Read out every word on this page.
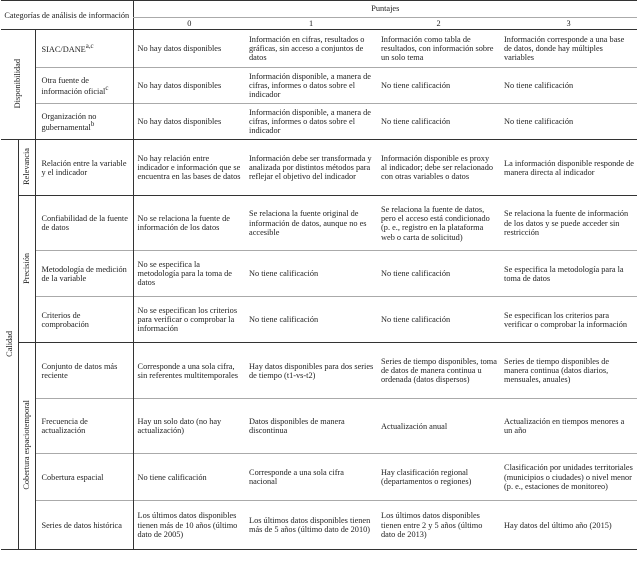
Categorías de análisis de información			Puntajes			
			0	1	2	3
Disponibilidad		SIAC/DANE$^{a,c}$	No hay datos disponibles	Información en cifras, resultados o gráficas, sin acceso a conjuntos de datos	Información como tabla de resultados, con información sobre un solo tema	Información corresponde a una base de datos, donde hay múltiples variables
		Otra fuente de información oficial$^c$	No hay datos disponibles	Información disponible, a manera de cifras, informes o datos sobre el indicador	No tiene calificación	No tiene calificación
		Organización no gubernamental$^b$	No hay datos disponibles	Información disponible, a manera de cifras, informes o datos sobre el indicador	No tiene calificación	No tiene calificación
Calidad	Relevancia	Relación entre la variable y el indicador	No hay relación entre indicador e información que se encuentra en las bases de datos	Información debe ser transformada y analizada por distintos métodos para reflejar el objetivo del indicador	Información disponible es proxy al indicador; debe ser relacionado con otras variables o datos	La información disponible responde de manera directa al indicador
	Precisión	Confiabilidad de la fuente de datos	No se relaciona la fuente de información de los datos	Se relaciona la fuente original de información de datos, aunque no es accesible	Se relaciona la fuente de datos, pero el acceso está condicionado (p. e., registro en la plataforma web o carta de solicitud)	Se relaciona la fuente de información de los datos y se puede acceder sin restricción
		Metodología de medición de la variable	No se especifica la metodología para la toma de datos	No tiene calificación	No tiene calificación	Se especifica la metodología para la toma de datos
		Criterios de comprobación	No se especifican los criterios para verificar o comprobar la información	No tiene calificación	No tiene calificación	Se especifican los criterios para verificar o comprobar la información
	Cobertura espaciotemporal	Conjunto de datos más reciente	Corresponde a una sola cifra, sin referentes multitemporales	Hay datos disponibles para dos series de tiempo (t1-vs-t2)	Series de tiempo disponibles, toma de datos de manera continua u ordenada (datos dispersos)	Series de tiempo disponibles de manera continua (datos diarios, mensuales, anuales)
		Frecuencia de actualización	Hay un solo dato (no hay actualización)	Datos disponibles de manera discontinua	Actualización anual	Actualización en tiempos menores a un año
		Cobertura espacial	No tiene calificación	Corresponde a una sola cifra nacional	Hay clasificación regional (departamentos o regiones)	Clasificación por unidades territoriales (municipios o ciudades) o nivel menor (p. e., estaciones de monitoreo)
		Series de datos histórica	Los últimos datos disponibles tienen más de 10 años (último dato de 2005)	Los últimos datos disponibles tienen más de 5 años (último dato de 2010)	Los últimos datos disponibles tienen entre 2 y 5 años (último dato de 2013)	Hay datos del último año (2015)
